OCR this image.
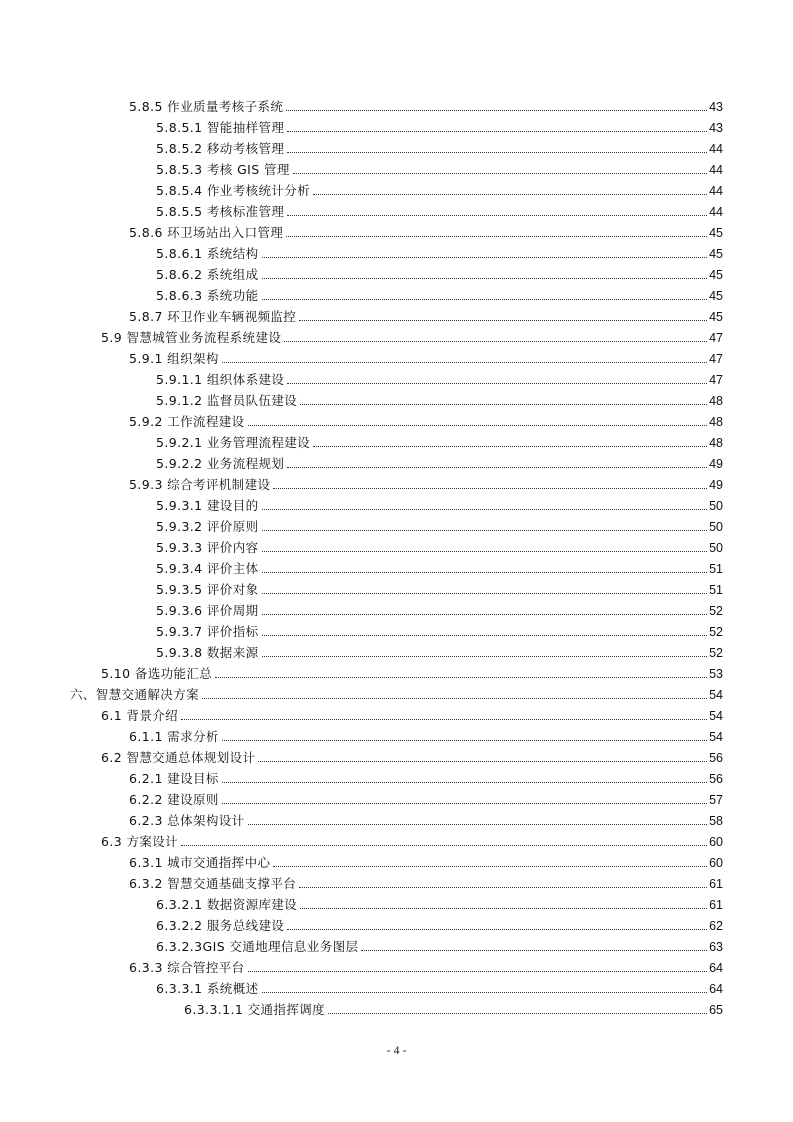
5.8.5 作业质量考核子系统	43
5.8.5.1 智能抽样管理	43
5.8.5.2 移动考核管理	44
5.8.5.3 考核 GIS 管理	44
5.8.5.4 作业考核统计分析	44
5.8.5.5 考核标准管理	44
5.8.6 环卫场站出入口管理	45
5.8.6.1 系统结构	45
5.8.6.2 系统组成	45
5.8.6.3 系统功能	45
5.8.7 环卫作业车辆视频监控	45
5.9 智慧城管业务流程系统建设	47
5.9.1 组织架构	47
5.9.1.1 组织体系建设	47
5.9.1.2 监督员队伍建设	48
5.9.2 工作流程建设	48
5.9.2.1 业务管理流程建设	48
5.9.2.2 业务流程规划	49
5.9.3 综合考评机制建设	49
5.9.3.1 建设目的	50
5.9.3.2 评价原则	50
5.9.3.3 评价内容	50
5.9.3.4 评价主体	51
5.9.3.5 评价对象	51
5.9.3.6 评价周期	52
5.9.3.7 评价指标	52
5.9.3.8 数据来源	52
5.10 备选功能汇总	53
六、智慧交通解决方案	54
6.1 背景介绍	54
6.1.1 需求分析	54
6.2 智慧交通总体规划设计	56
6.2.1 建设目标	56
6.2.2 建设原则	57
6.2.3 总体架构设计	58
6.3 方案设计	60
6.3.1 城市交通指挥中心	60
6.3.2 智慧交通基础支撑平台	61
6.3.2.1 数据资源库建设	61
6.3.2.2 服务总线建设	62
6.3.2.3GIS 交通地理信息业务图层	63
6.3.3 综合管控平台	64
6.3.3.1 系统概述	64
6.3.3.1.1 交通指挥调度	65
- 4 -
